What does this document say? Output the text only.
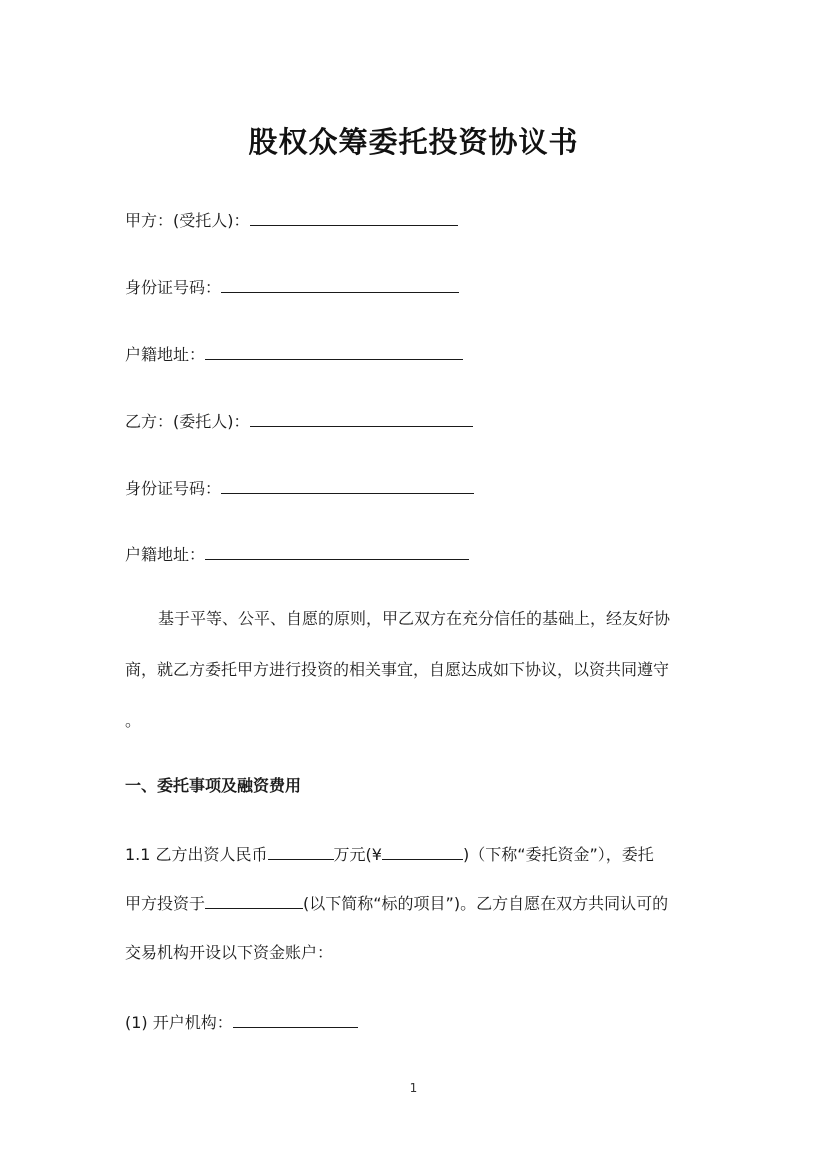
股权众筹委托投资协议书
甲方：(受托人)：
身份证号码：
户籍地址：
乙方：(委托人)：
身份证号码：
户籍地址：
基于平等、公平、自愿的原则，甲乙双方在充分信任的基础上，经友好协
商，就乙方委托甲方进行投资的相关事宜，自愿达成如下协议，以资共同遵守
。
一、委托事项及融资费用
1.1 乙方出资人民币	万元(¥	)（下称“委托资金”），委托
甲方投资于	(以下简称“标的项目”)。乙方自愿在双方共同认可的
交易机构开设以下资金账户：
(1) 开户机构：
1
